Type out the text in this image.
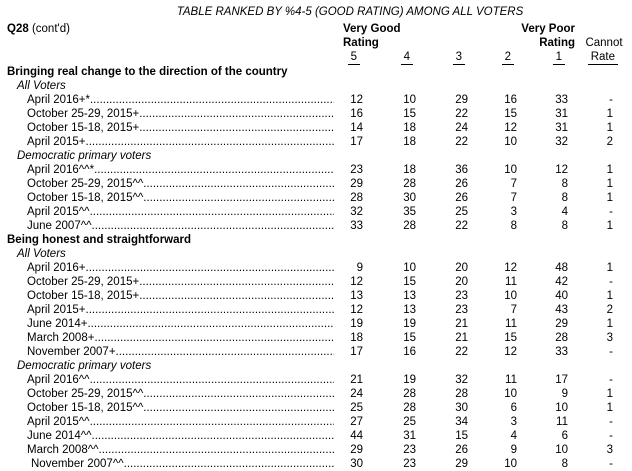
TABLE RANKED BY %4-5 (GOOD RATING) AMONG ALL VOTERS
Q28 (cont'd)	Very Good	Very Poor
Rating	Rating Cannot
5	4	3	2	1	Rate
Bringing real change to the direction of the country
All Voters
April 2016+* .....	12	10	29	16	33	-
October 25-29, 2015+ .....	16	15	22	15	31	1
October 15-18, 2015+ .....	14	18	24	12	31	1
April 2015+ .....	17	18	22	10	32	2
Democratic primary voters
April 2016^^* .....	23	18	36	10	12	1
October 25-29, 2015^^ .....	29	28	26	7	8	1
October 15-18, 2015^^ .....	28	30	26	7	8	1
April 2015^^ .....	32	35	25	3	4	-
June 2007^^ .....	33	28	22	8	8	1
Being honest and straightforward
All Voters
April 2016+ .....	9	10	20	12	48	1
October 25-29, 2015+ .....	12	15	20	11	42	-
October 15-18, 2015+ .....	13	13	23	10	40	1
April 2015+ .....	12	13	23	7	43	2
June 2014+ .....	19	19	21	11	29	1
March 2008+ .....	18	15	21	15	28	3
November 2007+ .....	17	16	22	12	33	-
Democratic primary voters
April 2016^^ .....	21	19	32	11	17	-
October 25-29, 2015^^ .....	24	28	28	10	9	1
October 15-18, 2015^^ .....	25	28	30	6	10	1
April 2015^^ .....	27	25	34	3	11	-
June 2014^^ .....	44	31	15	4	6	-
March 2008^^ .....	29	23	26	9	10	3
November 2007^^ .....	30	23	29	10	8	-
